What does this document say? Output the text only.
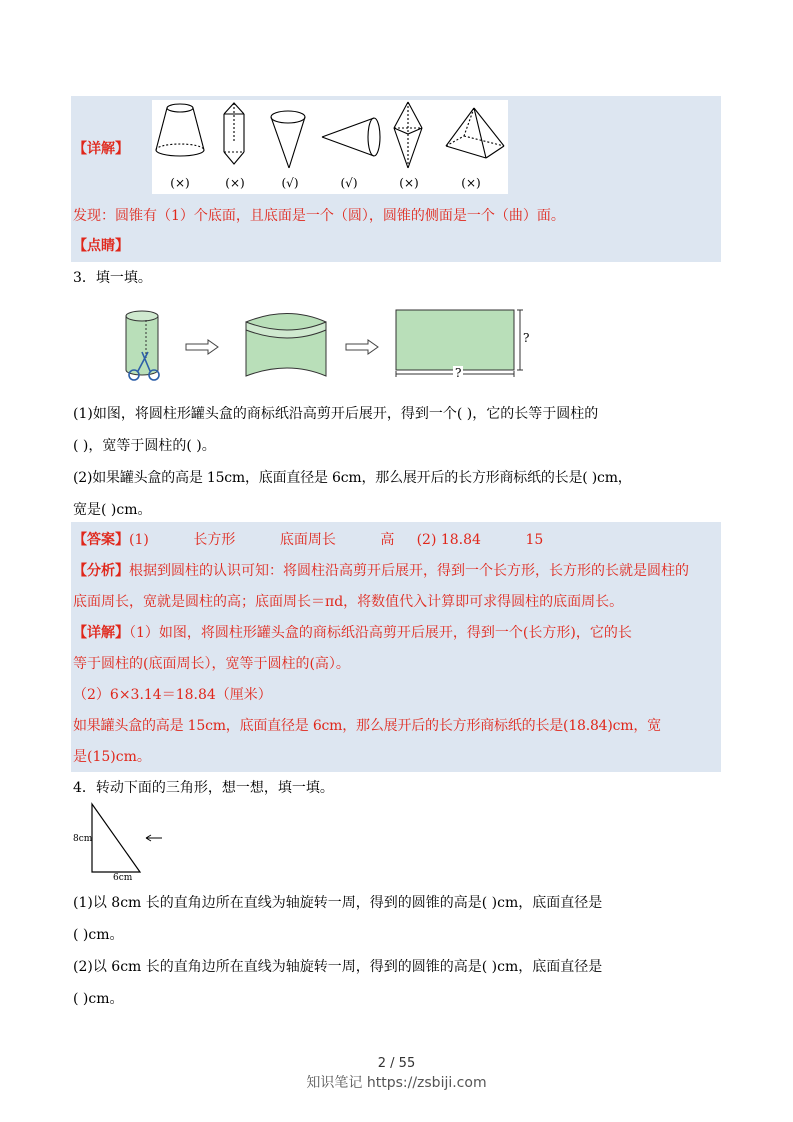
【详解】
(×)	(×)	(√)	(√)	(×)	(×)
发现：圆锥有（1）个底面，且底面是一个（圆），圆锥的侧面是一个（曲）面。
【点睛】
3．填一填。
?
?
(1)如图，将圆柱形罐头盒的商标纸沿高剪开后展开，得到一个( )，它的长等于圆柱的
( )，宽等于圆柱的( )。
(2)如果罐头盒的高是 15cm，底面直径是 6cm，那么展开后的长方形商标纸的长是( )cm，
宽是( )cm。
【答案】(1)          长方形          底面周长          高     (2) 18.84          15
【分析】根据到圆柱的认识可知：将圆柱沿高剪开后展开，得到一个长方形，长方形的长就是圆柱的
底面周长，宽就是圆柱的高；底面周长＝πd，将数值代入计算即可求得圆柱的底面周长。
【详解】（1）如图，将圆柱形罐头盒的商标纸沿高剪开后展开，得到一个(长方形)，它的长
等于圆柱的(底面周长），宽等于圆柱的(高）。
（2）6×3.14＝18.84（厘米）
如果罐头盒的高是 15cm，底面直径是 6cm，那么展开后的长方形商标纸的长是(18.84)cm，宽
是(15)cm。
4．转动下面的三角形，想一想，填一填。
8cm
6cm
(1)以 8cm 长的直角边所在直线为轴旋转一周，得到的圆锥的高是( )cm，底面直径是
( )cm。
(2)以 6cm 长的直角边所在直线为轴旋转一周，得到的圆锥的高是( )cm，底面直径是
( )cm。
2 / 55
知识笔记 https://zsbiji.com
